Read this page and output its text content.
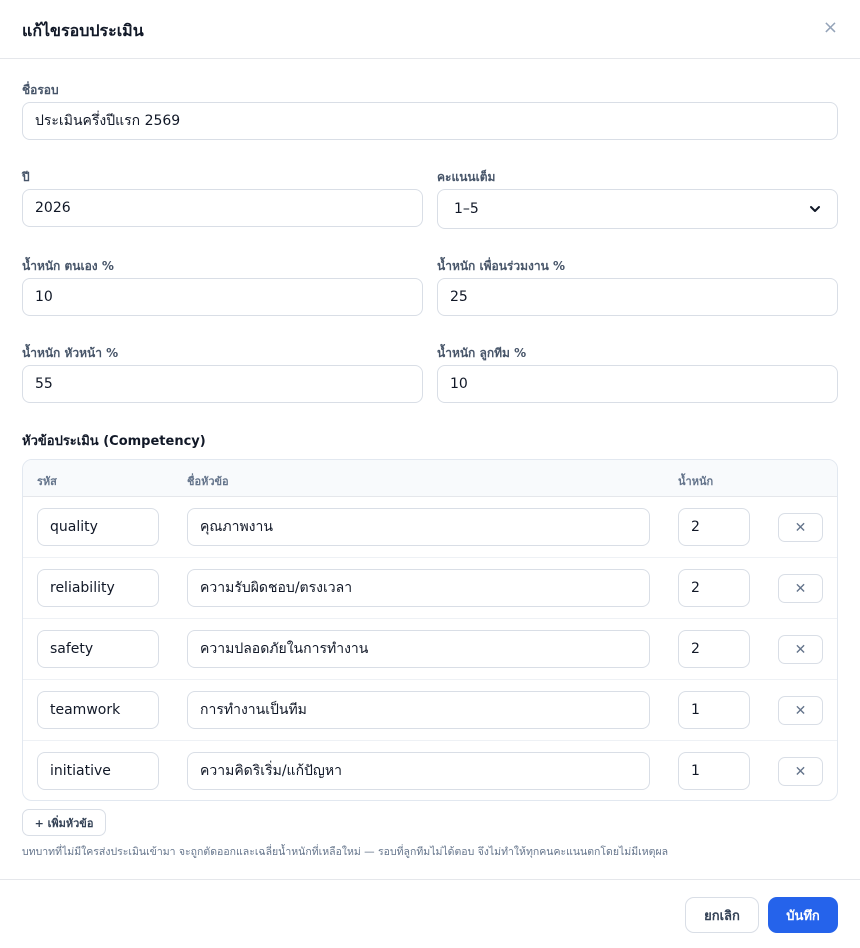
แก้ไขรอบประเมิน	×
ชื่อรอบ
ประเมินครึ่งปีแรก 2569
ปี
2026	คะแนนเต็ม
1–5
น้ำหนัก ตนเอง %
10	น้ำหนัก เพื่อนร่วมงาน %
25
น้ำหนัก หัวหน้า %
55	น้ำหนัก ลูกทีม %
10
หัวข้อประเมิน (Competency)
รหัส	ชื่อหัวข้อ	น้ำหนัก
quality	คุณภาพงาน	2	✕
reliability	ความรับผิดชอบ/ตรงเวลา	2	✕
safety	ความปลอดภัยในการทำงาน	2	✕
teamwork	การทำงานเป็นทีม	1	✕
initiative	ความคิดริเริ่ม/แก้ปัญหา	1	✕
+ เพิ่มหัวข้อ
บทบาทที่ไม่มีใครส่งประเมินเข้ามา จะถูกตัดออกและเฉลี่ยน้ำหนักที่เหลือใหม่ — รอบที่ลูกทีมไม่ได้ตอบ จึงไม่ทำให้ทุกคนคะแนนตกโดยไม่มีเหตุผล
ยกเลิก	บันทึก
